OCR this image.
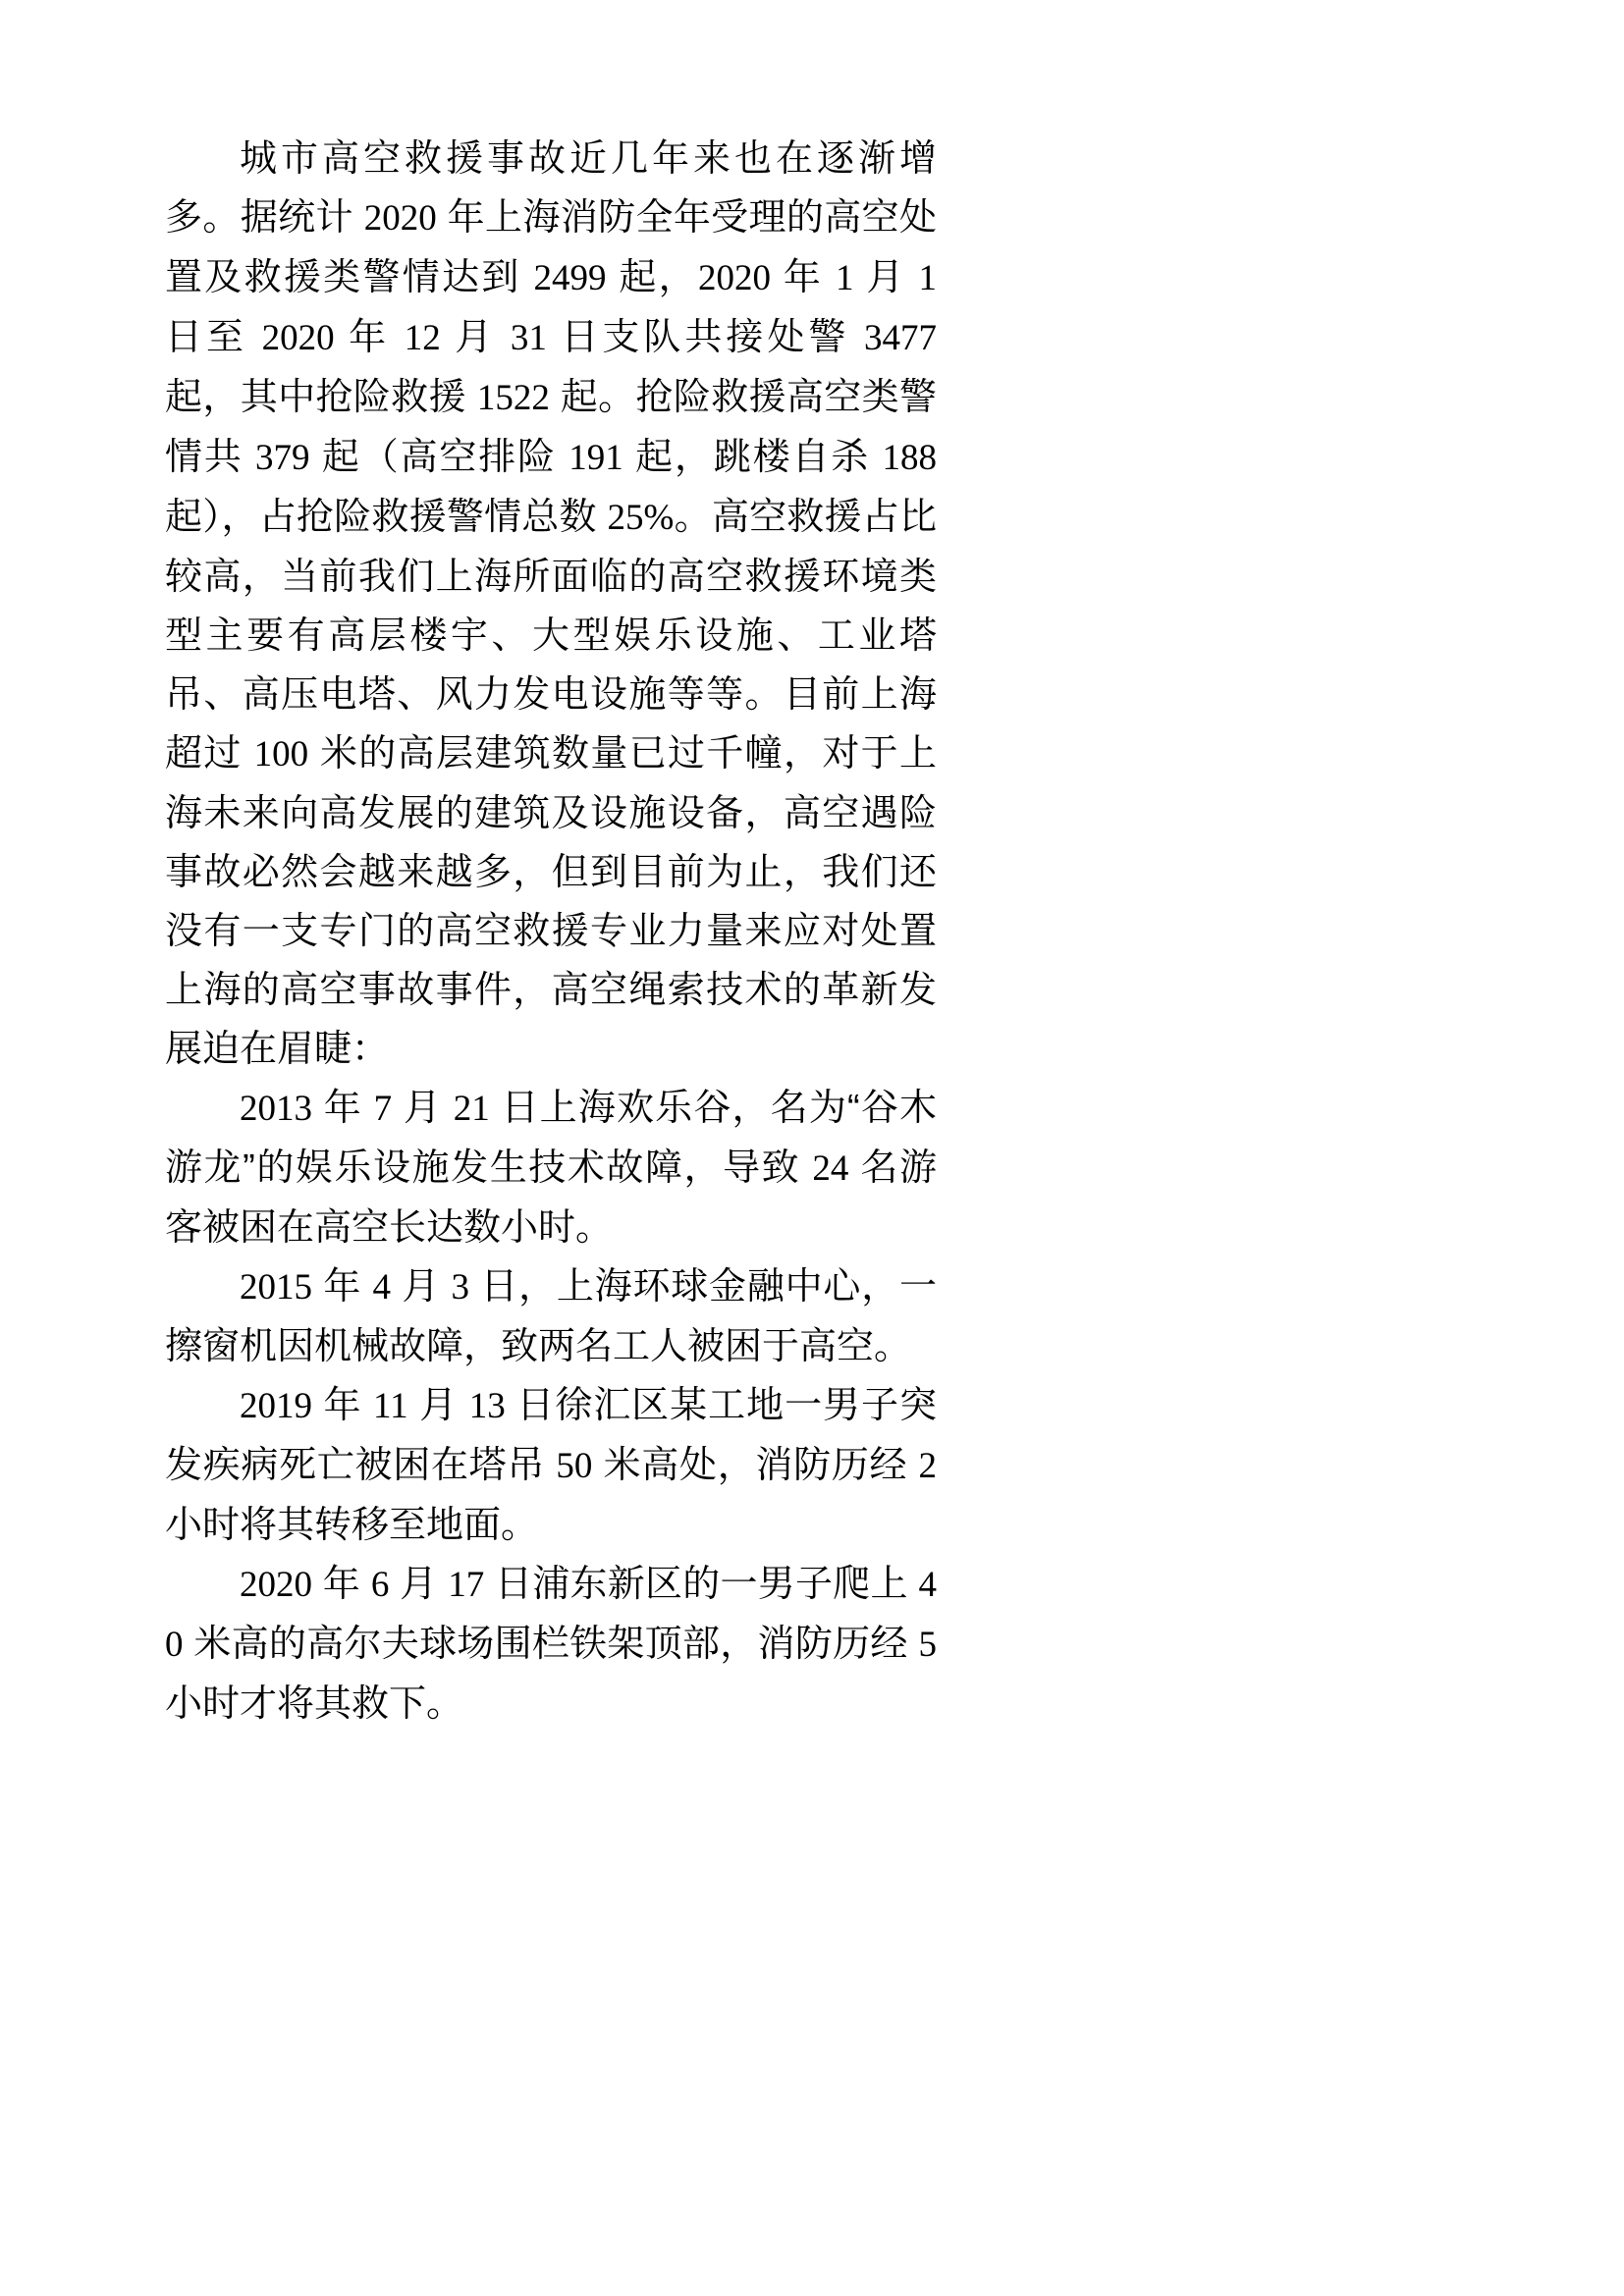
城市高空救援事故近几年来也在逐渐增多。据统计 2020 年上海消防全年受理的高空处置及救援类警情达到 2499 起，2020 年 1 月 1 日至 2020 年 12 月 31 日支队共接处警 3477 起，其中抢险救援 1522 起。抢险救援高空类警情共 379 起（高空排险 191 起，跳楼自杀 188 起），占抢险救援警情总数 25%。高空救援占比较高，当前我们上海所面临的高空救援环境类型主要有高层楼宇、大型娱乐设施、工业塔吊、高压电塔、风力发电设施等等。目前上海超过 100 米的高层建筑数量已过千幢，对于上海未来向高发展的建筑及设施设备，高空遇险事故必然会越来越多，但到目前为止，我们还没有一支专门的高空救援专业力量来应对处置上海的高空事故事件，高空绳索技术的革新发展迫在眉睫：

2013 年 7 月 21 日上海欢乐谷，名为“谷木游龙”的娱乐设施发生技术故障，导致 24 名游客被困在高空长达数小时。

2015 年 4 月 3 日，上海环球金融中心，一擦窗机因机械故障，致两名工人被困于高空。

2019 年 11 月 13 日徐汇区某工地一男子突发疾病死亡被困在塔吊 50 米高处，消防历经 2 小时将其转移至地面。

2020 年 6 月 17 日浦东新区的一男子爬上 40 米高的高尔夫球场围栏铁架顶部，消防历经 5 小时才将其救下。
